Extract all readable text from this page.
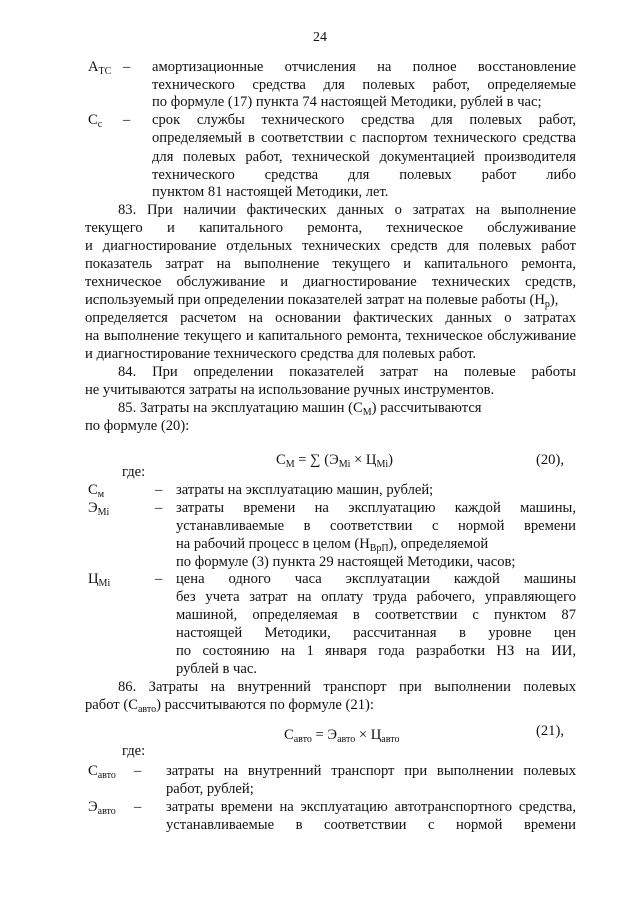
24
$A_{ТС}$ – амортизационные отчисления на полное восстановление
технического средства для полевых работ, определяемые
по формуле (17) пункта 74 настоящей Методики, рублей в час;
$C_с$ – срок службы технического средства для полевых работ,
определяемый в соответствии с паспортом технического средства
для полевых работ, технической документацией производителя
технического средства для полевых работ либо
пунктом 81 настоящей Методики, лет.
83. При наличии фактических данных о затратах на выполнение
текущего и капитального ремонта, техническое обслуживание
и диагностирование отдельных технических средств для полевых работ
показатель затрат на выполнение текущего и капитального ремонта,
техническое обслуживание и диагностирование технических средств,
используемый при определении показателей затрат на полевые работы $(Н_р)$,
определяется расчетом на основании фактических данных о затратах
на выполнение текущего и капитального ремонта, техническое обслуживание
и диагностирование технического средства для полевых работ.
84. При определении показателей затрат на полевые работы
не учитываются затраты на использование ручных инструментов.
85. Затраты на эксплуатацию машин $(С_М)$ рассчитываются
по формуле (20):
$C_М$ = ∑ $(Э_{Mi} \times Ц_{Mi})$	(20),
где:
$C_м$	– затраты на эксплуатацию машин, рублей;
$Э_{Mi}$	– затраты времени на эксплуатацию каждой машины,
устанавливаемые в соответствии с нормой времени
на рабочий процесс в целом $(Н_{ВрП})$, определяемой
по формуле (3) пункта 29 настоящей Методики, часов;
$Ц_{Mi}$	– цена одного часа эксплуатации каждой машины
без учета затрат на оплату труда рабочего, управляющего
машиной, определяемая в соответствии с пунктом 87
настоящей Методики, рассчитанная в уровне цен
по состоянию на 1 января года разработки НЗ на ИИ,
рублей в час.
86. Затраты на внутренний транспорт при выполнении полевых
работ $(С_{авто})$ рассчитываются по формуле (21):
$C_{авто} = Э_{авто} \times Ц_{авто}$
(21),
где:
$C_{авто}$ – затраты на внутренний транспорт при выполнении полевых
работ, рублей;
$Э_{авто}$ – затраты времени на эксплуатацию автотранспортного средства,
устанавливаемые в соответствии с нормой времени
